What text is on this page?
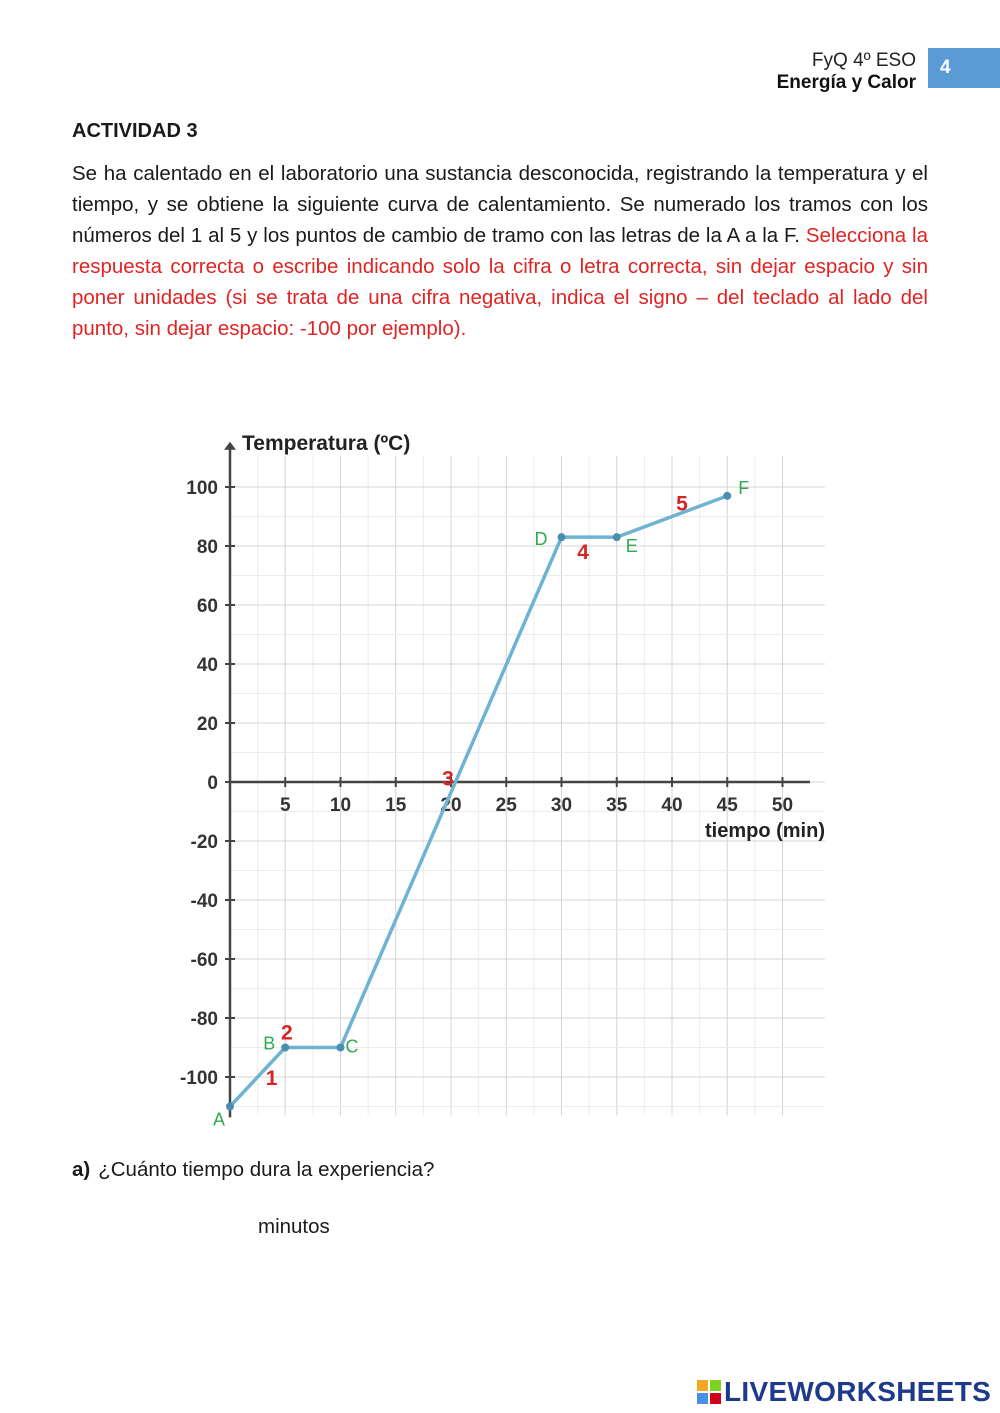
FyQ 4º ESO
Energía y Calor
4
ACTIVIDAD 3

Se ha calentado en el laboratorio una sustancia desconocida, registrando la temperatura y el tiempo, y se obtiene la siguiente curva de calentamiento. Se numerado los tramos con los números del 1 al 5 y los puntos de cambio de tramo con las letras de la A a la F. Selecciona la respuesta correcta o escribe indicando solo la cifra o letra correcta, sin dejar espacio y sin poner unidades (si se trata de una cifra negativa, indica el signo – del teclado al lado del punto, sin dejar espacio: -100 por ejemplo).

100
80
60
40
20
0
-20
-40
-60
-80
-100
5 10 15 20 25 30 35 40 45 50
Temperatura (ºC)
tiempo (min)
A
B	C
D	E
F
1
2
3
4
5
a) ¿Cuánto tiempo dura la experiencia?
minutos
LIVEWORKSHEETS
